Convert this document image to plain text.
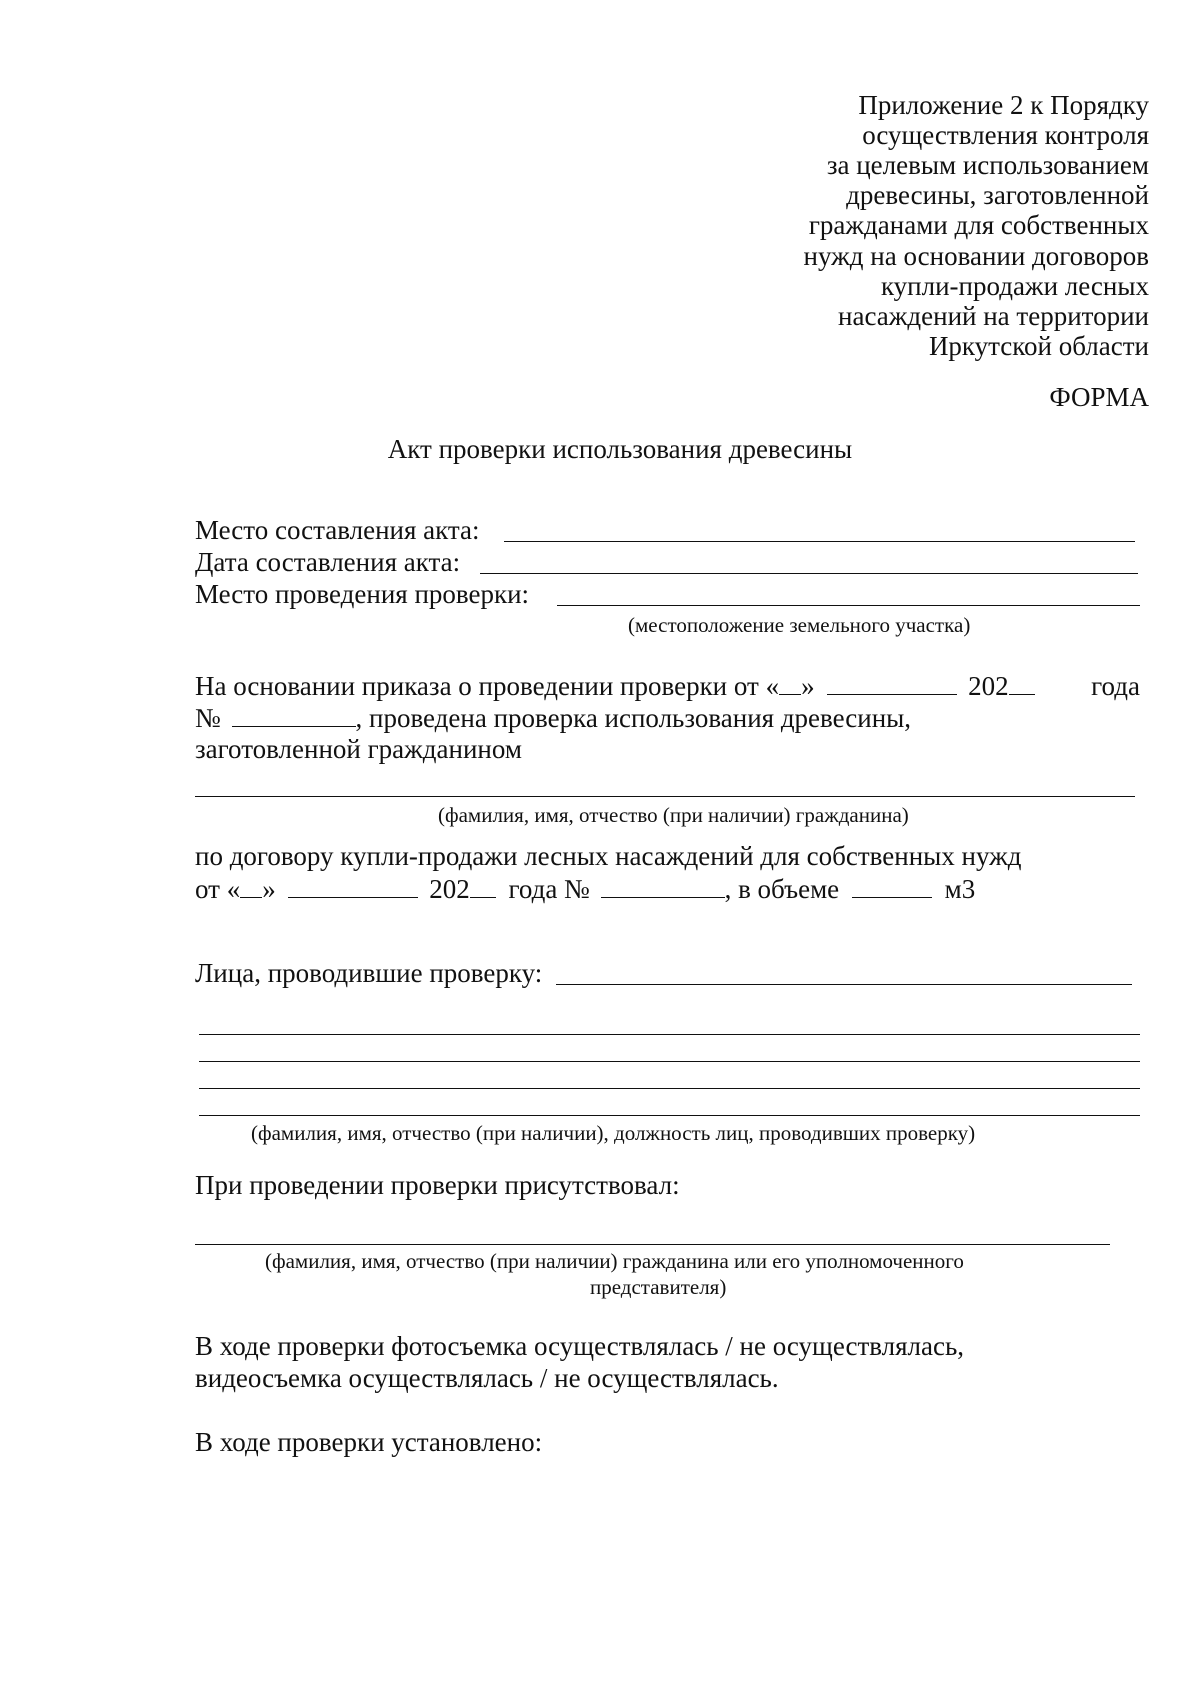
Приложение 2 к Порядку
осуществления контроля
за целевым использованием
древесины, заготовленной
гражданами для собственных
нужд на основании договоров
купли-продажи лесных
насаждений на территории
Иркутской области
ФОРМА
Акт проверки использования древесины
Место составления акта:
Дата составления акта:
Место проведения проверки:
(местоположение земельного участка)
На основании приказа о проведении проверки от « »	202	года
№	, проведена проверка использования древесины,
заготовленной гражданином
(фамилия, имя, отчество (при наличии) гражданина)
по договору купли-продажи лесных насаждений для собственных нужд
от « »	202 года №	, в объеме	м3
Лица, проводившие проверку:
(фамилия, имя, отчество (при наличии), должность лиц, проводивших проверку)
При проведении проверки присутствовал:
(фамилия, имя, отчество (при наличии) гражданина или его уполномоченного
представителя)
В ходе проверки фотосъемка осуществлялась / не осуществлялась,
видеосъемка осуществлялась / не осуществлялась.
В ходе проверки установлено:
